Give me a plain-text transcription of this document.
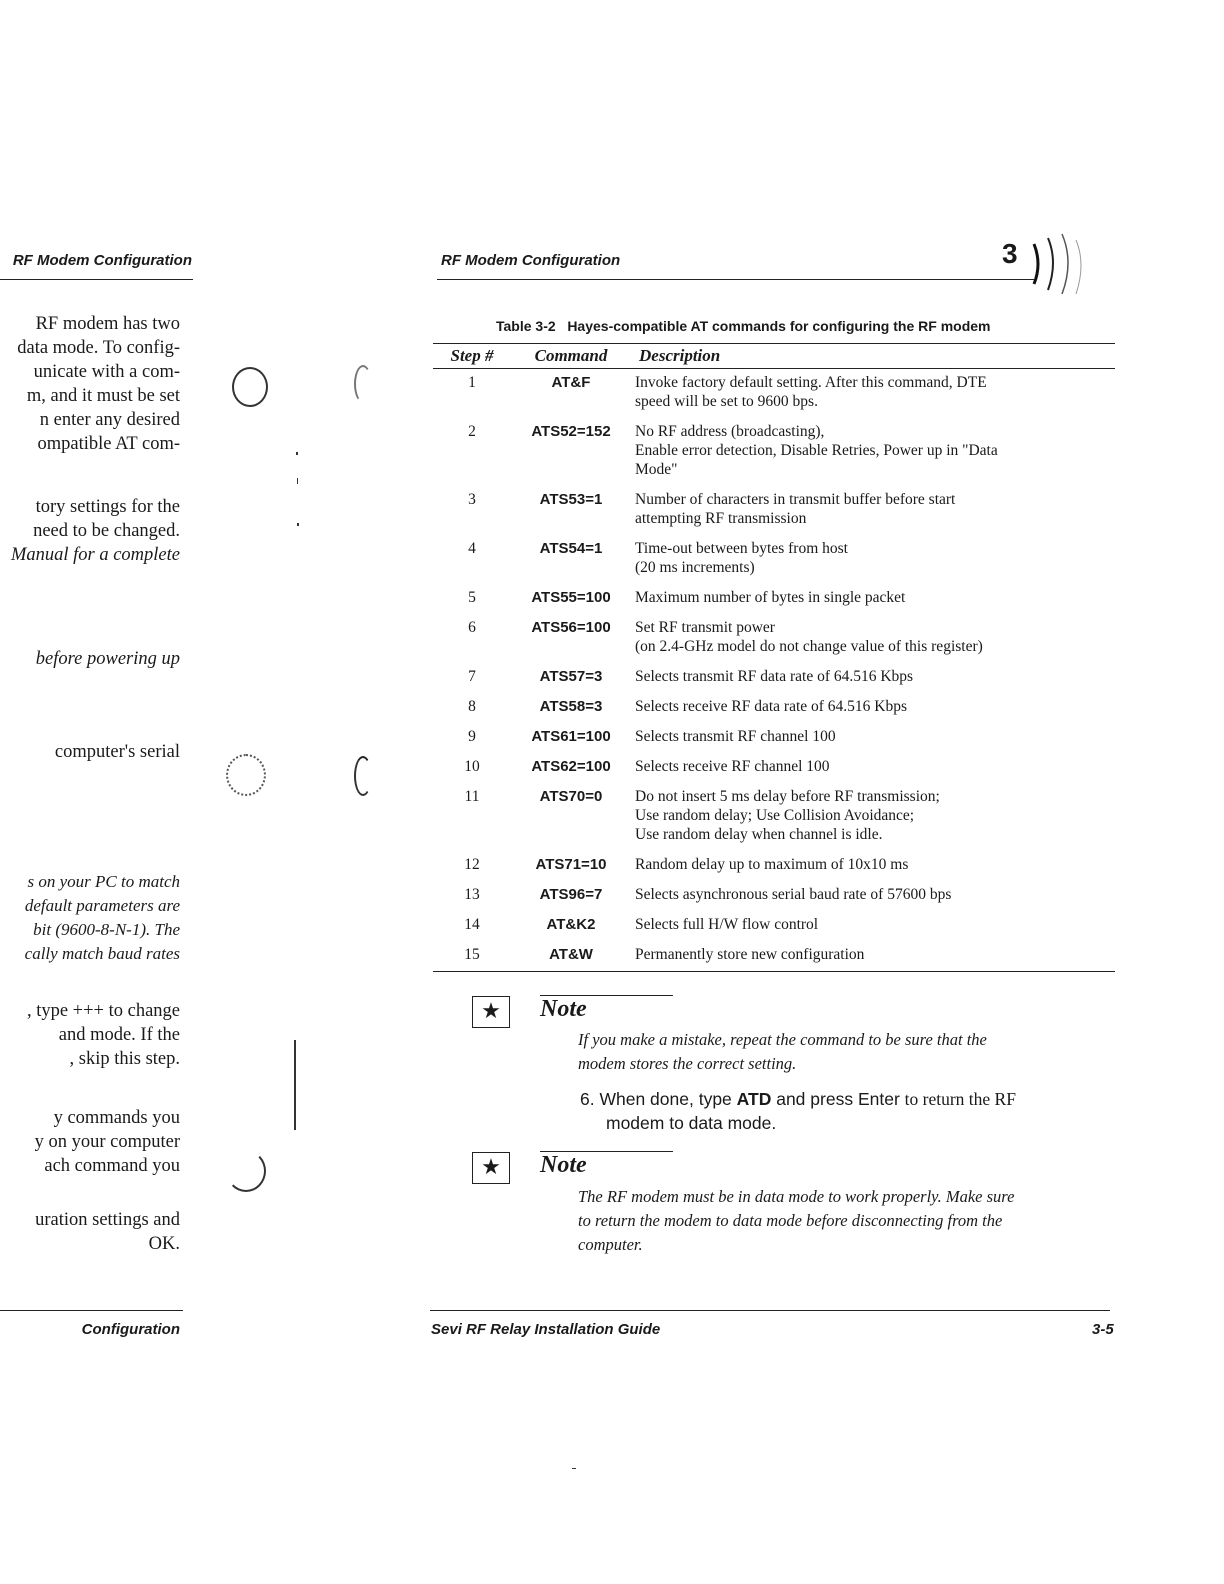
RF Modem Configuration
RF modem has two
data mode. To config-
unicate with a com-
m, and it must be set
n enter any desired
ompatible AT com-
tory settings for the
need to be changed.
Manual for a complete
before powering up
computer's serial
s on your PC to match
default parameters are
bit (9600-8-N-1). The
cally match baud rates
, type +++ to change
and mode. If the
, skip this step.
y commands you
y on your computer
ach command you
uration settings and
OK.
Configuration
RF Modem Configuration	3
Table 3-2   Hayes-compatible AT commands for configuring the RF modem
Step #	Command	Description
1	AT&F	Invoke factory default setting. After this command, DTE
speed will be set to 9600 bps.

2	ATS52=152	No RF address (broadcasting),
Enable error detection, Disable Retries, Power up in "Data
Mode"

3	ATS53=1	Number of characters in transmit buffer before start
attempting RF transmission

4	ATS54=1	Time-out between bytes from host
(20 ms increments)

5	ATS55=100	Maximum number of bytes in single packet

6	ATS56=100	Set RF transmit power
(on 2.4-GHz model do not change value of this register)

7	ATS57=3	Selects transmit RF data rate of 64.516 Kbps

8	ATS58=3	Selects receive RF data rate of 64.516 Kbps

9	ATS61=100	Selects transmit RF channel 100

10	ATS62=100	Selects receive RF channel 100

11	ATS70=0	Do not insert 5 ms delay before RF transmission;
Use random delay; Use Collision Avoidance;
Use random delay when channel is idle.

12	ATS71=10	Random delay up to maximum of 10x10 ms

13	ATS96=7	Selects asynchronous serial baud rate of 57600 bps

14	AT&K2	Selects full H/W flow control

15	AT&W	Permanently store new configuration
★	Note
If you make a mistake, repeat the command to be sure that the
modem stores the correct setting.
6. When done, type ATD and press Enter to return the RF
modem to data mode.
★	Note
The RF modem must be in data mode to work properly. Make sure
to return the modem to data mode before disconnecting from the
computer.
Sevi RF Relay Installation Guide	3-5
